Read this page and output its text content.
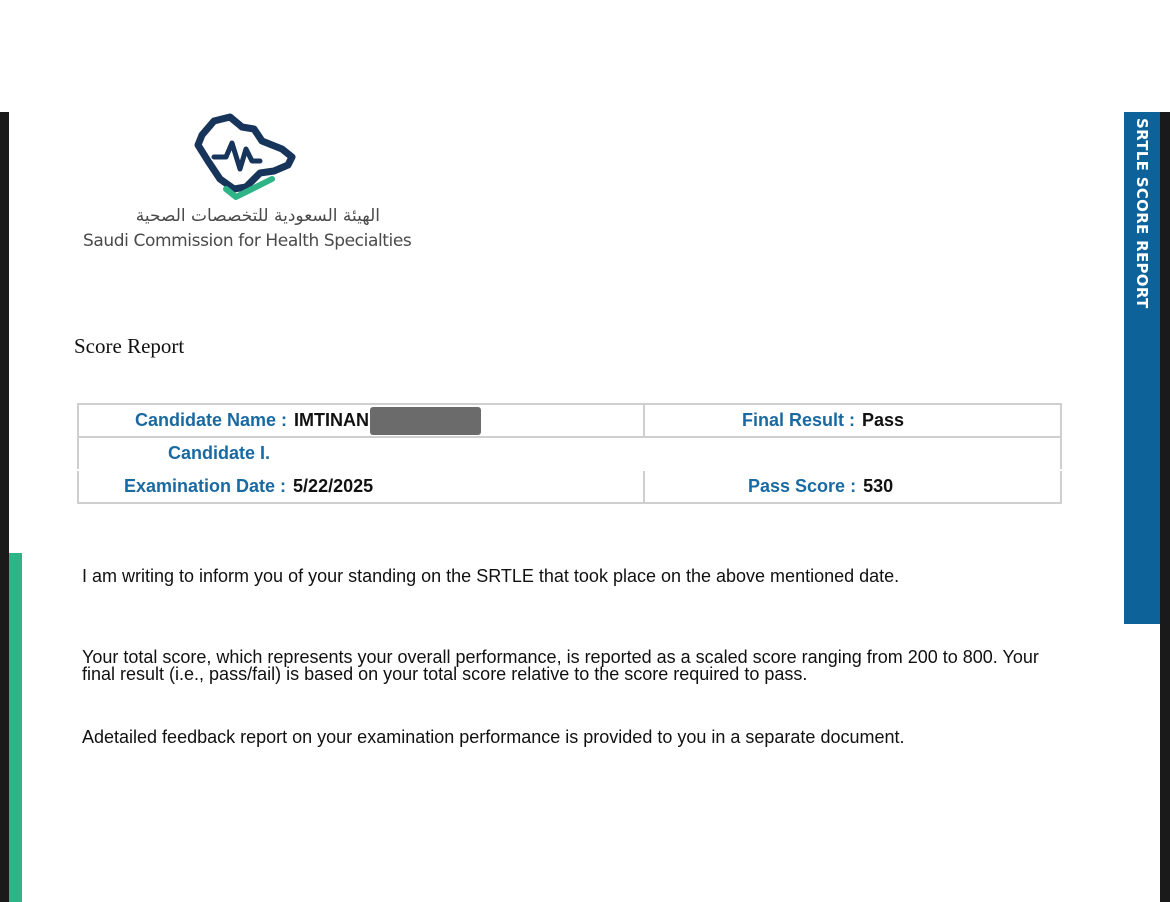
SRTLE SCORE REPORT
الهيئة السعودية للتخصصات الصحية
Saudi Commission for Health Specialties
Score Report
Candidate Name : IMTINAN	Final Result : Pass

Candidate I.	

Examination Date : 5/22/2025	Pass Score : 530
I am writing to inform you of your standing on the SRTLE that took place on the above mentioned date.
Your total score, which represents your overall performance, is reported as a scaled score ranging from 200 to 800. Your final result (i.e., pass/fail) is based on your total score relative to the score required to pass.
Adetailed feedback report on your examination performance is provided to you in a separate document.
